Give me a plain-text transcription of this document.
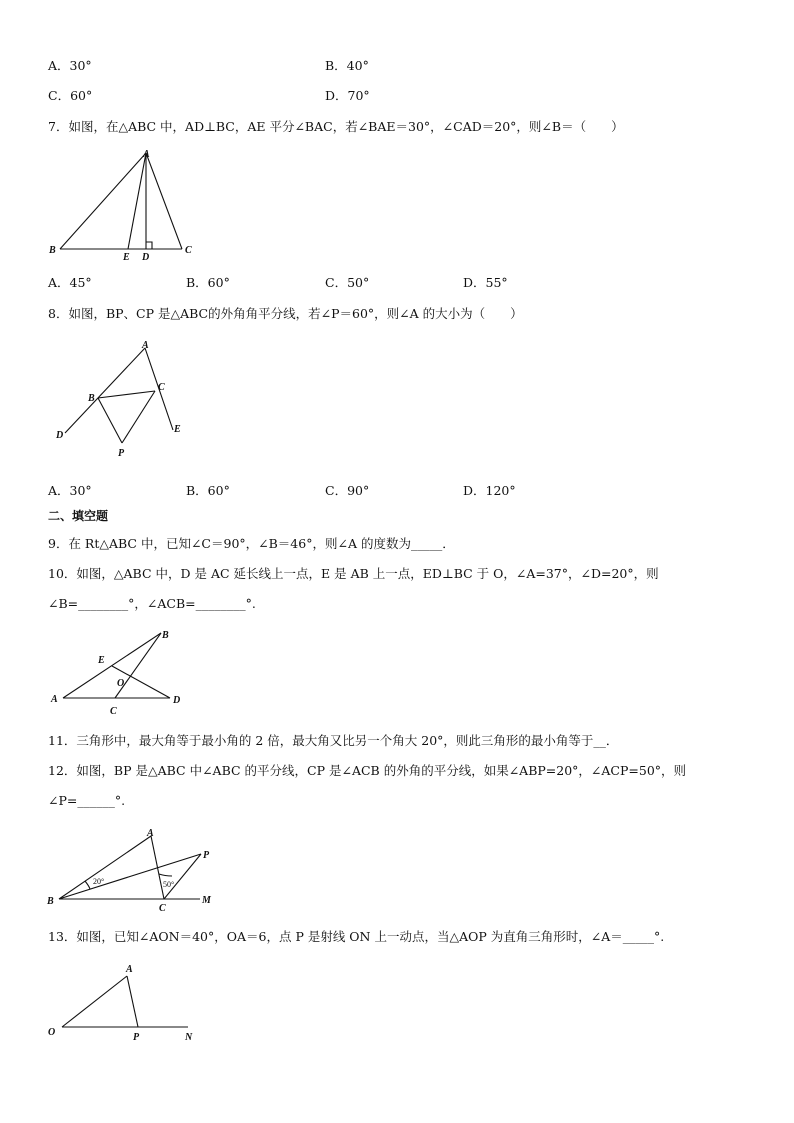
A．30°	B．40°
C．60°	D．70°
7．如图，在△ABC 中，AD⊥BC，AE 平分∠BAC，若∠BAE＝30°，∠CAD＝20°，则∠B＝（　　）
A
B
E D
C
A．45°	B．60°	C．50°	D．55°
8．如图，BP、CP 是△ABC的外角角平分线，若∠P＝60°，则∠A 的大小为（　　）
A
B
C
D
E
P
A．30°	B．60°	C．90°	D．120°
二、填空题
9．在 Rt△ABC 中，已知∠C＝90°，∠B＝46°，则∠A 的度数为_____．
10．如图，△ABC 中，D 是 AC 延长线上一点，E 是 AB 上一点，ED⊥BC 于 O，∠A=37°，∠D=20°，则
∠B=________°，∠ACB=________°.
B
E
O
A	D
C
11．三角形中，最大角等于最小角的 2 倍，最大角又比另一个角大 20°，则此三角形的最小角等于__．
12．如图，BP 是△ABC 中∠ABC 的平分线，CP 是∠ACB 的外角的平分线，如果∠ABP=20°，∠ACP=50°，则
∠P=______°.
A
P
B
C
M
20°	50°
13．如图，已知∠AON＝40°，OA＝6，点 P 是射线 ON 上一动点，当△AOP 为直角三角形时，∠A＝_____°.
A
O	P	N
